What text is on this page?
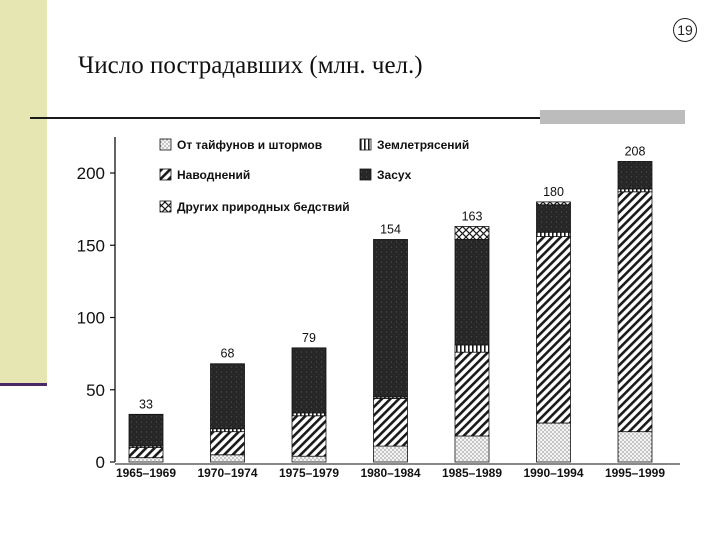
19
Число пострадавших (млн. чел.)
0
50
100
150
200
33
1965–1969
68
1970–1974
79
1975–1979
154
1980–1984
163
1985–1989
180
1990–1994
208
1995–1999
От тайфунов и штормов
Наводнений
Землетрясений
Засух
Других природных бедствий
